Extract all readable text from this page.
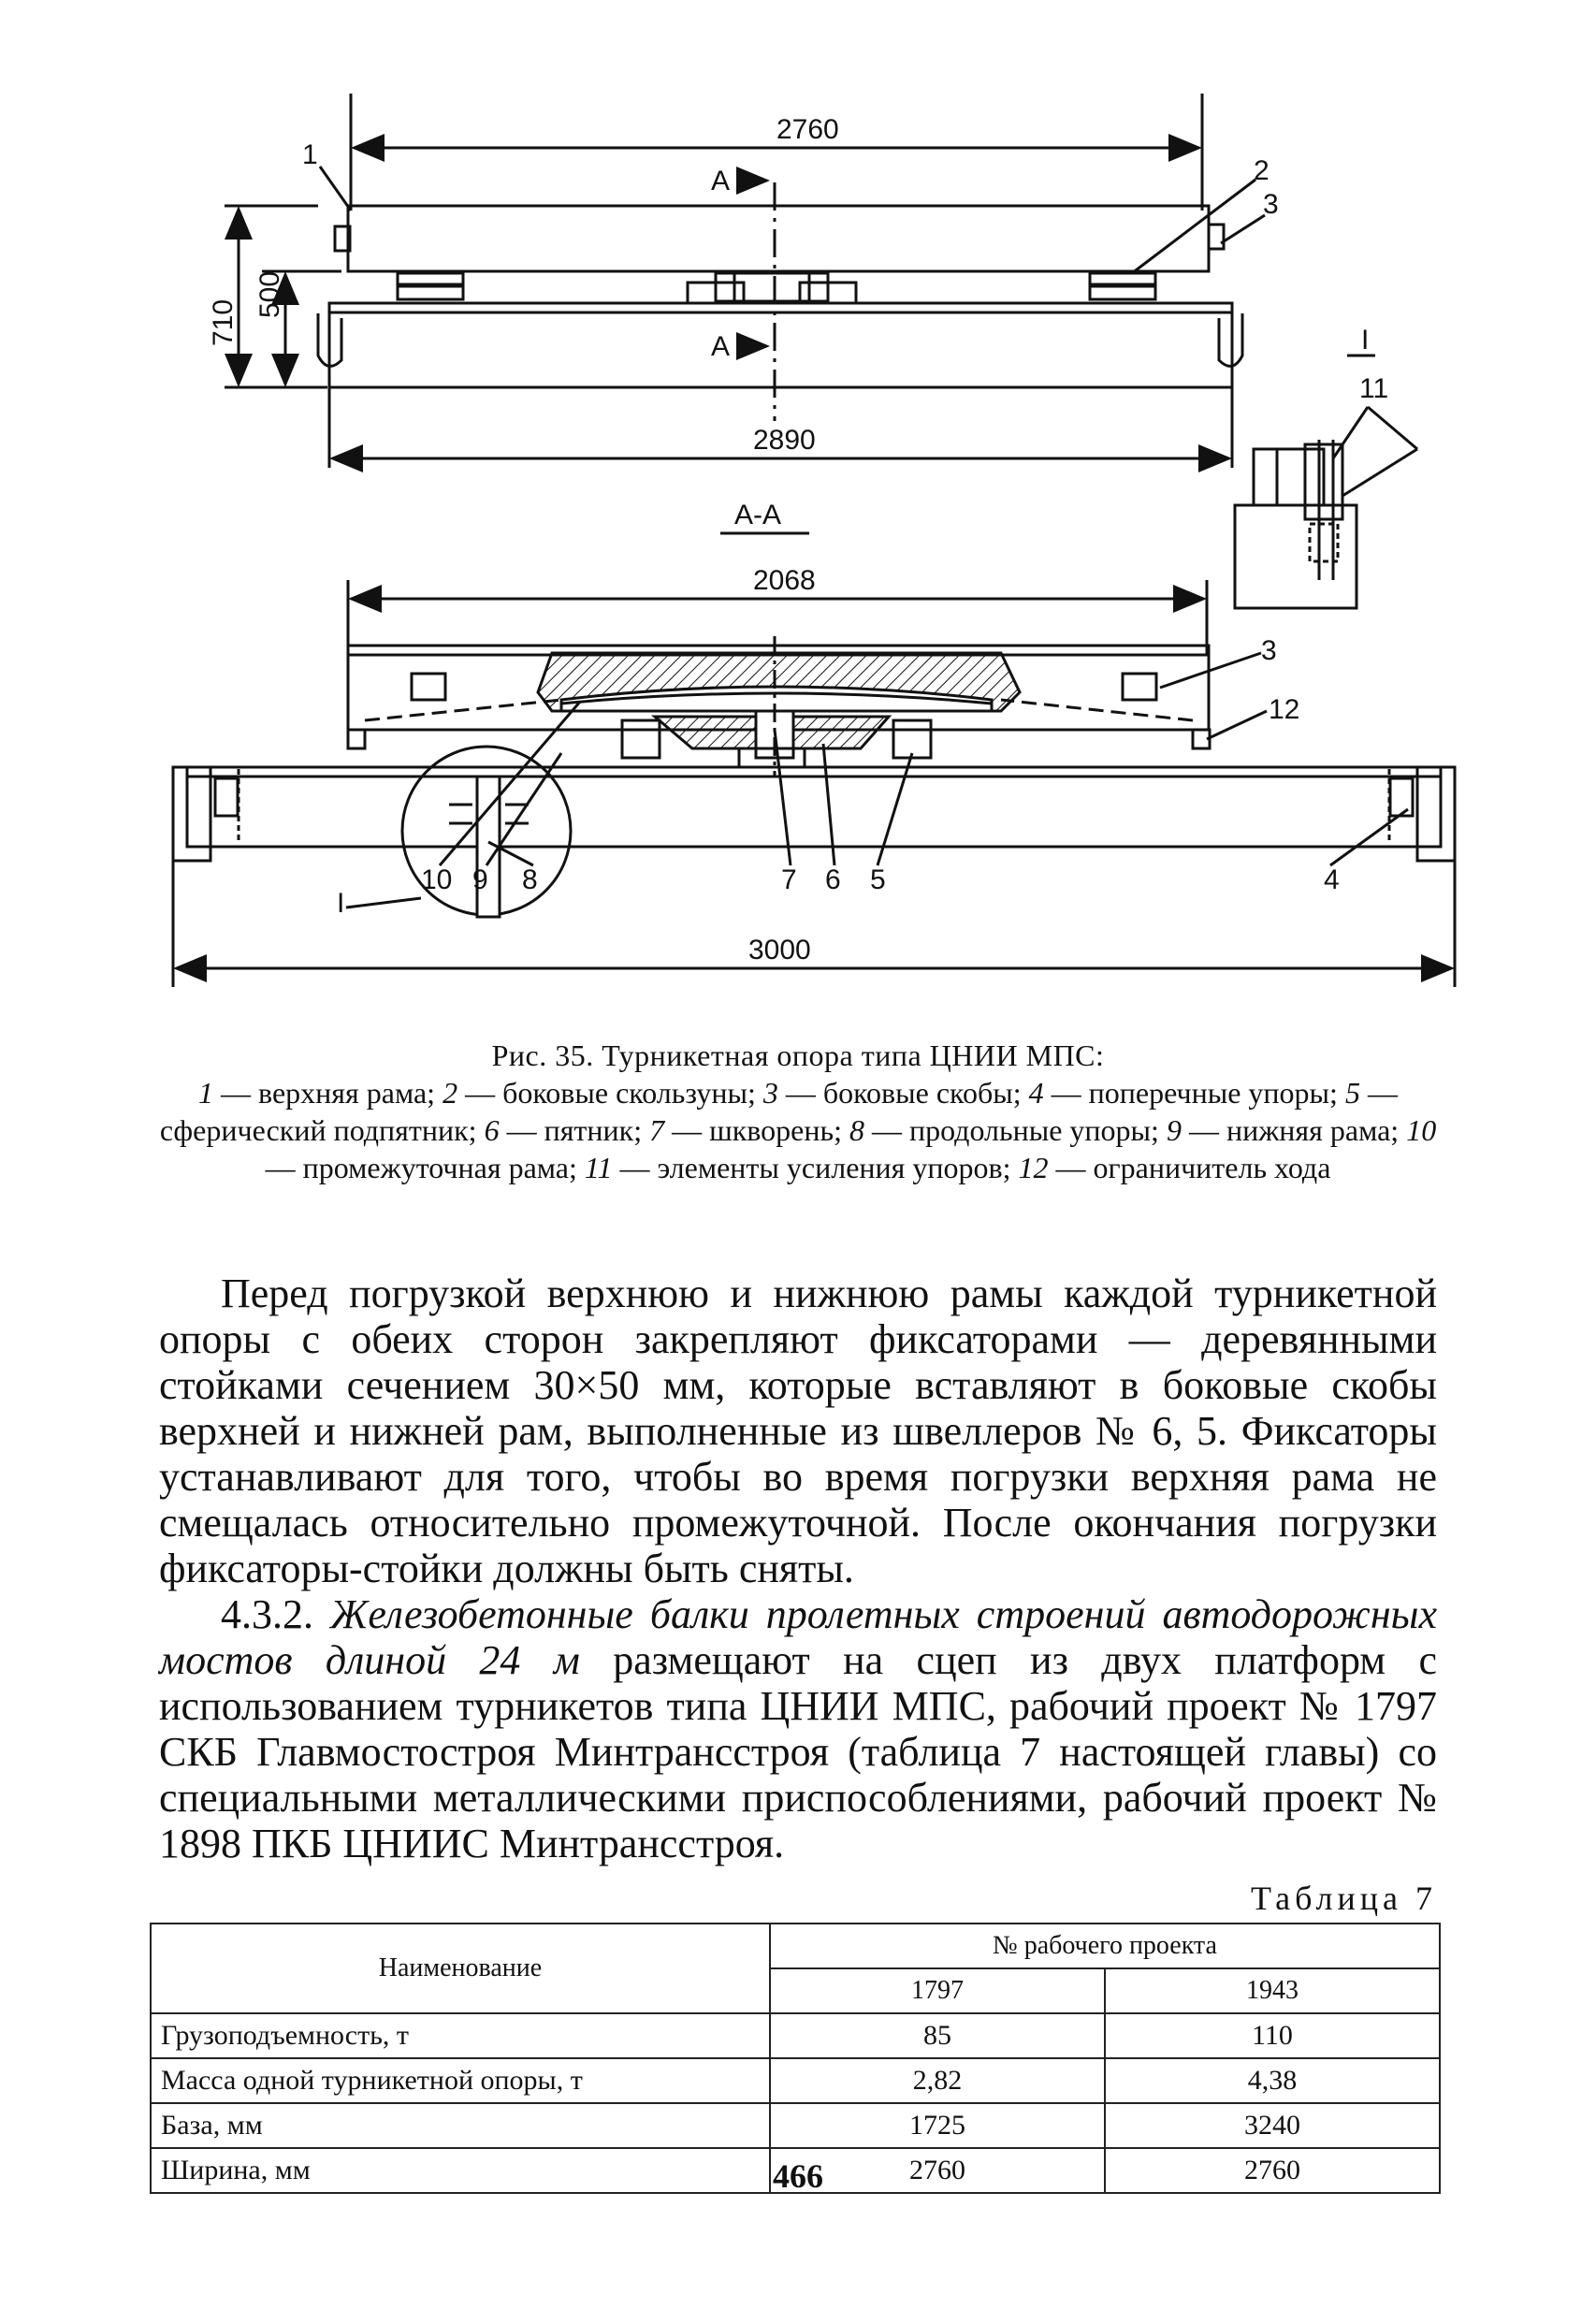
2760
A
A
710
500
2890
1
2
3
I
11
А-А
2068
I
3
12
10 9 8	7 6 5	4
3000
Рис. 35. Турникетная опора типа ЦНИИ МПС:
1 — верхняя рама; 2 — боковые скользуны; 3 — боковые скобы; 4 — поперечные упоры; 5 — сферический подпятник; 6 — пятник; 7 — шкворень; 8 — продольные упоры; 9 — нижняя рама; 10 — промежуточная рама; 11 — элементы усиления упоров; 12 — ограничитель хода

Перед погрузкой верхнюю и нижнюю рамы каждой турникетной опоры с обеих сторон закрепляют фиксаторами — деревянными стойками сечением 30×50 мм, которые вставляют в боковые скобы верхней и нижней рам, выполненные из швеллеров № 6, 5. Фиксаторы устанавливают для того, чтобы во время погрузки верхняя рама не смещалась относительно промежуточной. После окончания погрузки фиксаторы-стойки должны быть сняты.

4.3.2. Железобетонные балки пролетных строений автодорожных мостов длиной 24 м размещают на сцеп из двух платформ с использованием турникетов типа ЦНИИ МПС, рабочий проект № 1797 СКБ Главмостостроя Минтрансстроя (таблица 7 настоящей главы) со специальными металлическими приспособлениями, рабочий проект № 1898 ПКБ ЦНИИС Минтрансстроя.

Таблица 7
Наименование	№ рабочего проекта	
	1797	1943
Грузоподъемность, т	85	110
Масса одной турникетной опоры, т	2,82	4,38
База, мм	1725	3240
Ширина, мм	2760	2760
466
